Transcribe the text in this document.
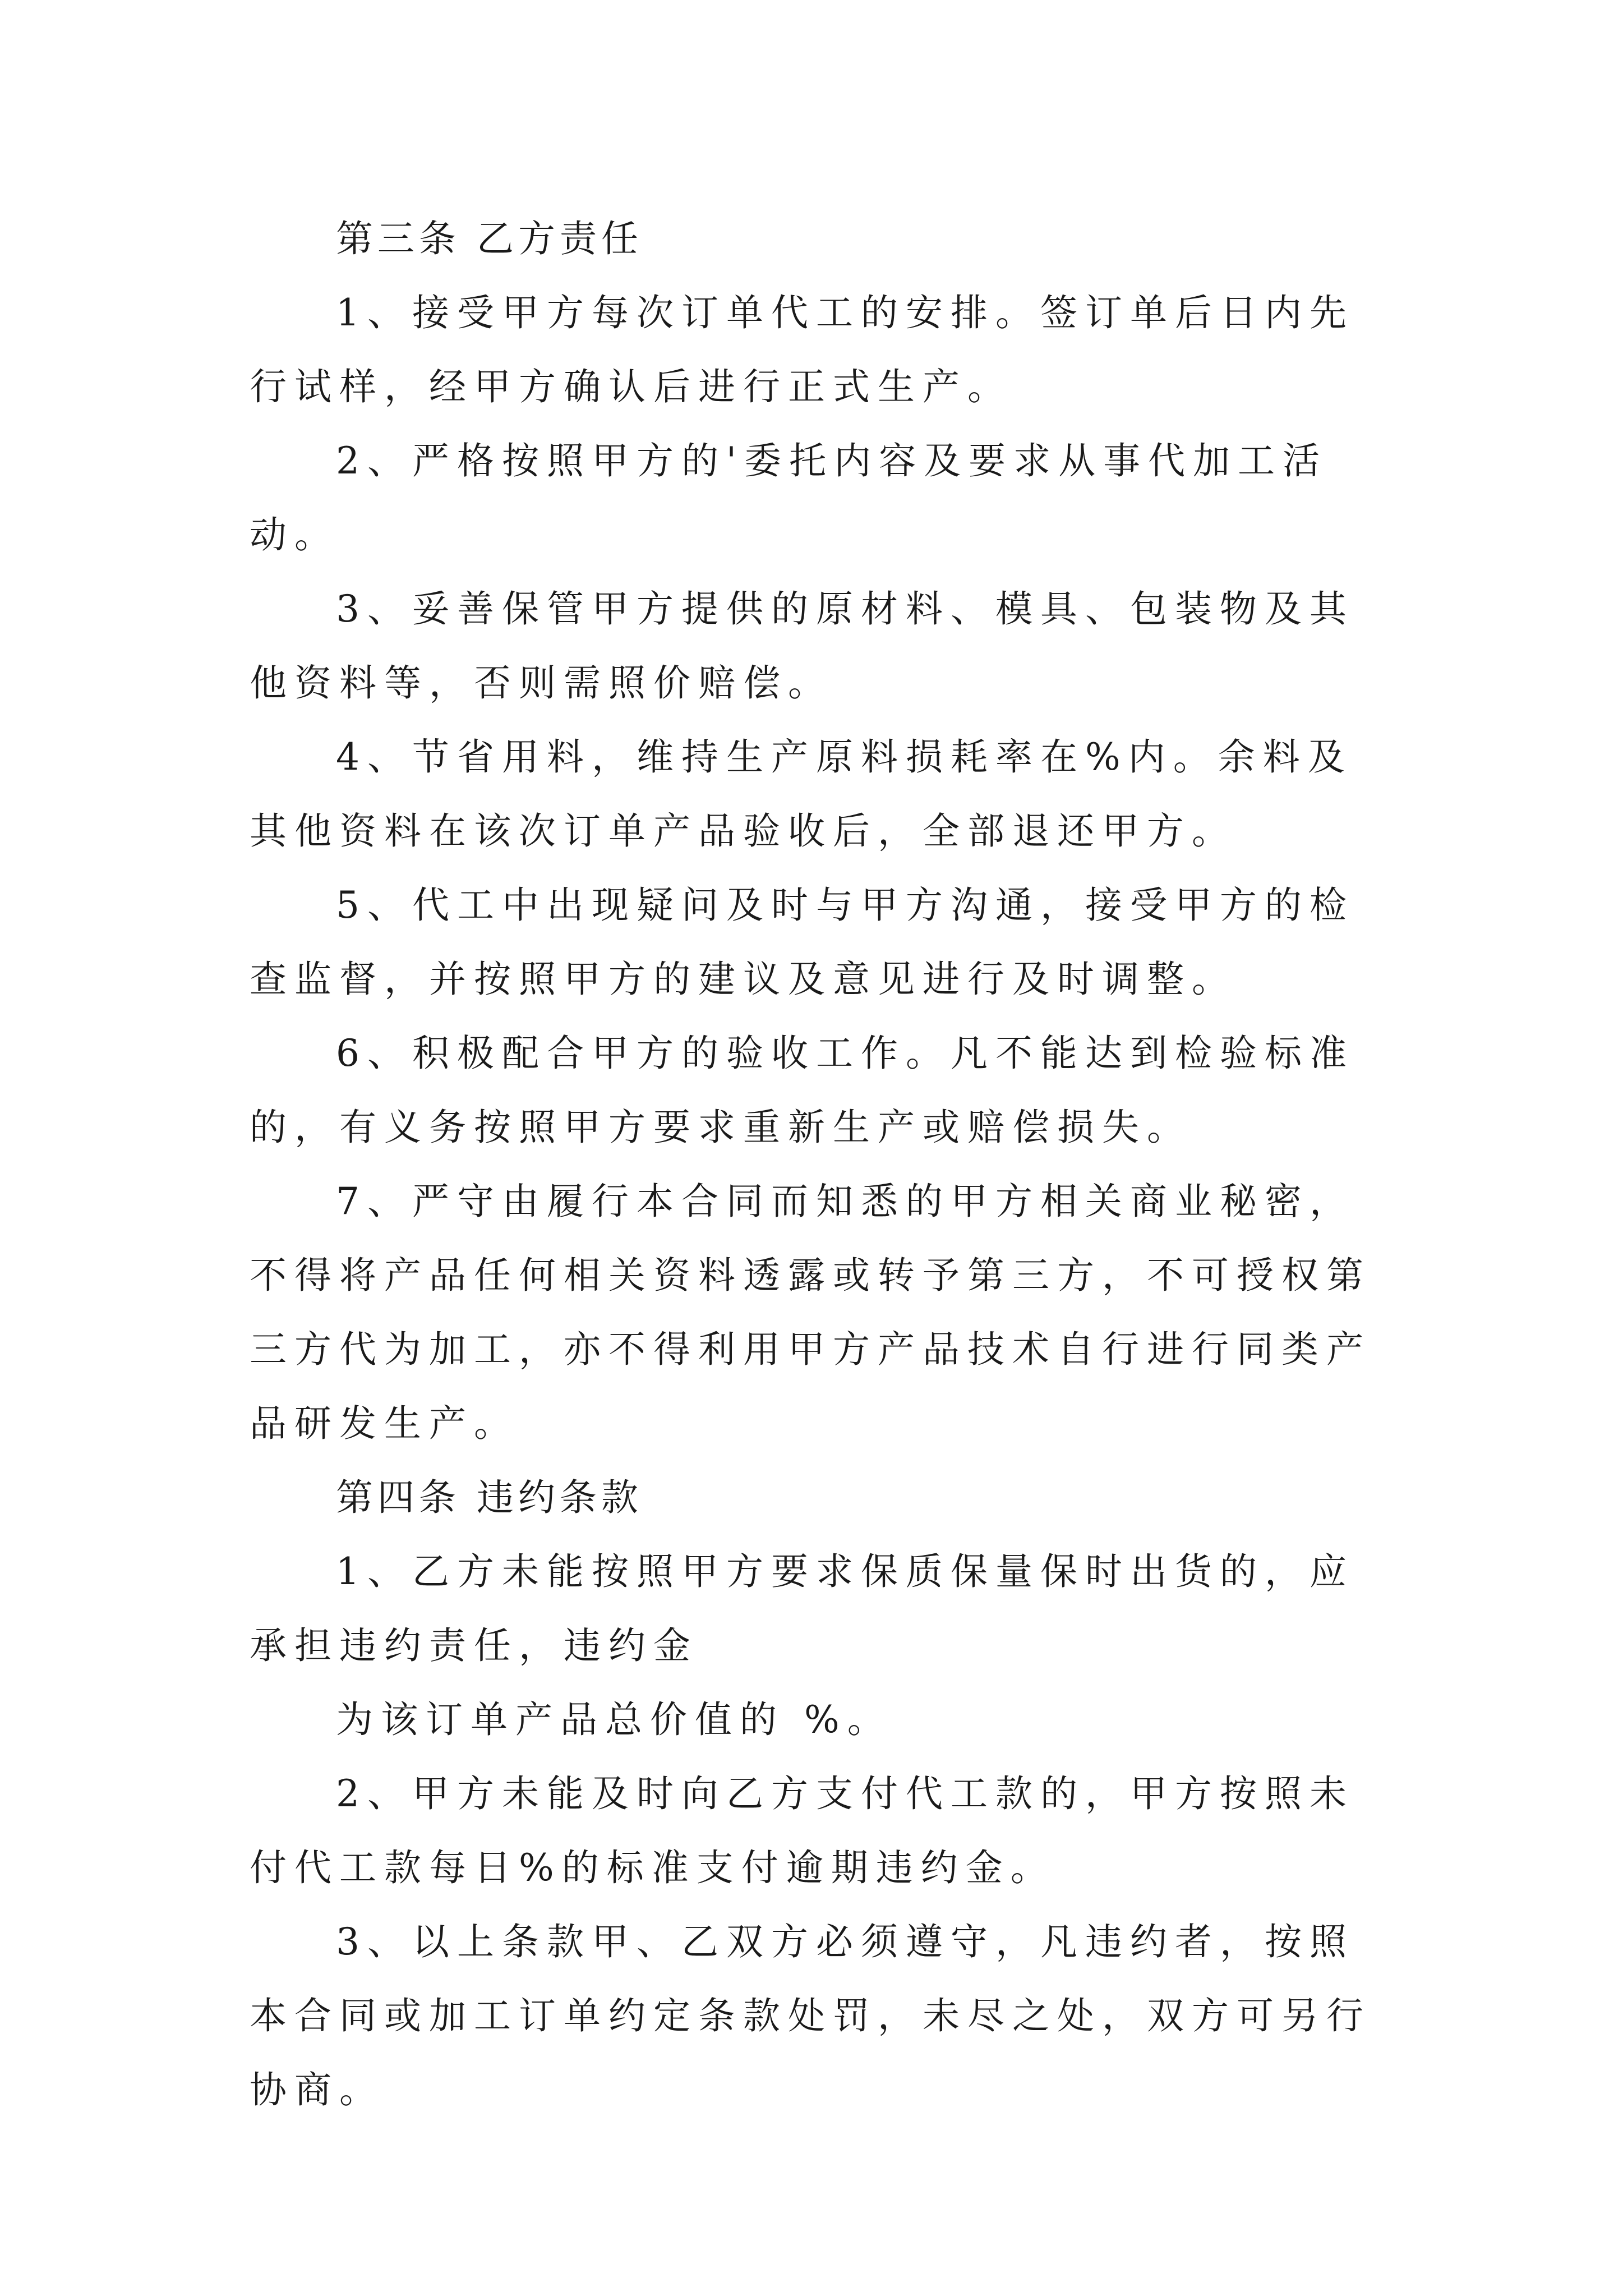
第三条 乙方责任

1、接受甲方每次订单代工的安排。签订单后日内先行试样，经甲方确认后进行正式生产。

2、严格按照甲方的'委托内容及要求从事代加工活动。

3、妥善保管甲方提供的原材料、模具、包装物及其他资料等，否则需照价赔偿。

4、节省用料，维持生产原料损耗率在%内。余料及其他资料在该次订单产品验收后，全部退还甲方。

5、代工中出现疑问及时与甲方沟通，接受甲方的检查监督，并按照甲方的建议及意见进行及时调整。

6、积极配合甲方的验收工作。凡不能达到检验标准的，有义务按照甲方要求重新生产或赔偿损失。

7、严守由履行本合同而知悉的甲方相关商业秘密，不得将产品任何相关资料透露或转予第三方，不可授权第三方代为加工，亦不得利用甲方产品技术自行进行同类产品研发生产。

第四条 违约条款

1、乙方未能按照甲方要求保质保量保时出货的，应承担违约责任，违约金

为该订单产品总价值的 %。

2、甲方未能及时向乙方支付代工款的，甲方按照未付代工款每日%的标准支付逾期违约金。

3、以上条款甲、乙双方必须遵守，凡违约者，按照本合同或加工订单约定条款处罚，未尽之处，双方可另行协商。
